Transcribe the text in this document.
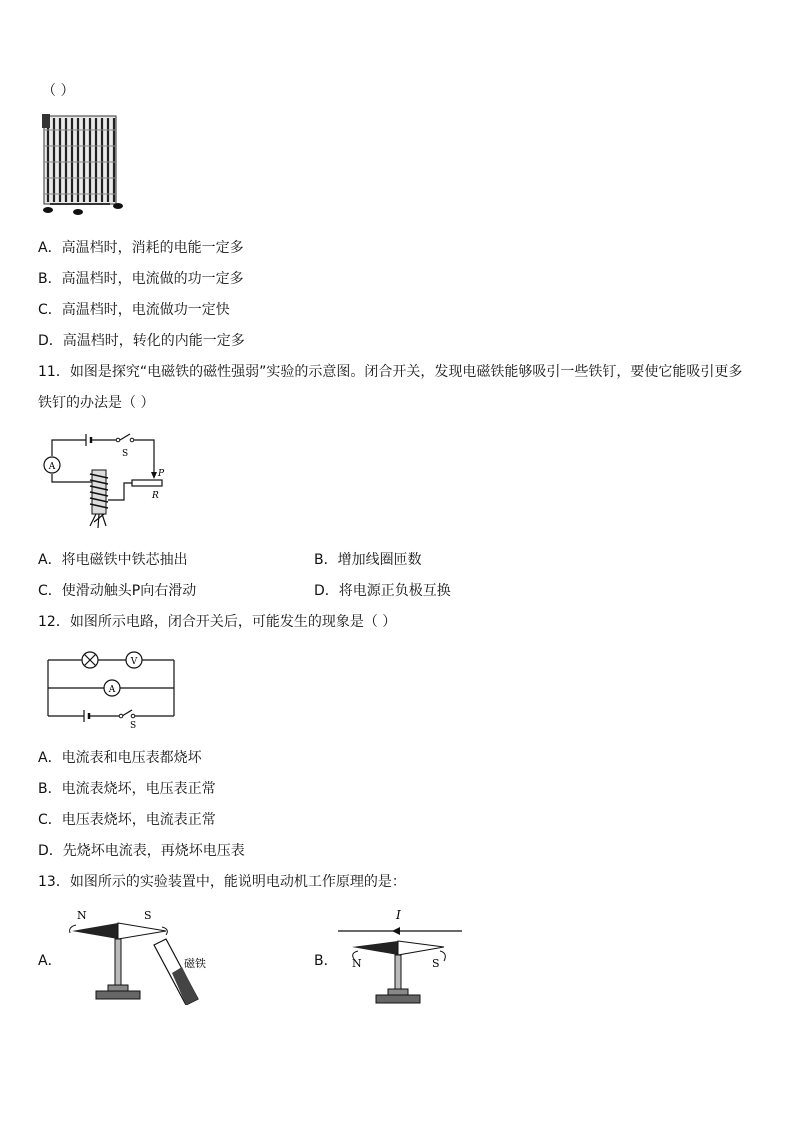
（ ）
A．高温档时，消耗的电能一定多
B．高温档时，电流做的功一定多
C．高温档时，电流做功一定快
D．高温档时，转化的内能一定多
11．如图是探究“电磁铁的磁性强弱”实验的示意图。闭合开关，发现电磁铁能够吸引一些铁钉，要使它能吸引更多
铁钉的办法是（ ）
A
S
P
R
A．将电磁铁中铁芯抽出	B．增加线圈匝数
C．使滑动触头P向右滑动	D．将电源正负极互换
12．如图所示电路，闭合开关后，可能发生的现象是（ ）
V
A
S
A．电流表和电压表都烧坏
B．电流表烧坏，电压表正常
C．电压表烧坏，电流表正常
D．先烧坏电流表，再烧坏电压表
13．如图所示的实验装置中，能说明电动机工作原理的是：
A．
N	S
磁铁	B．
I
N	S
